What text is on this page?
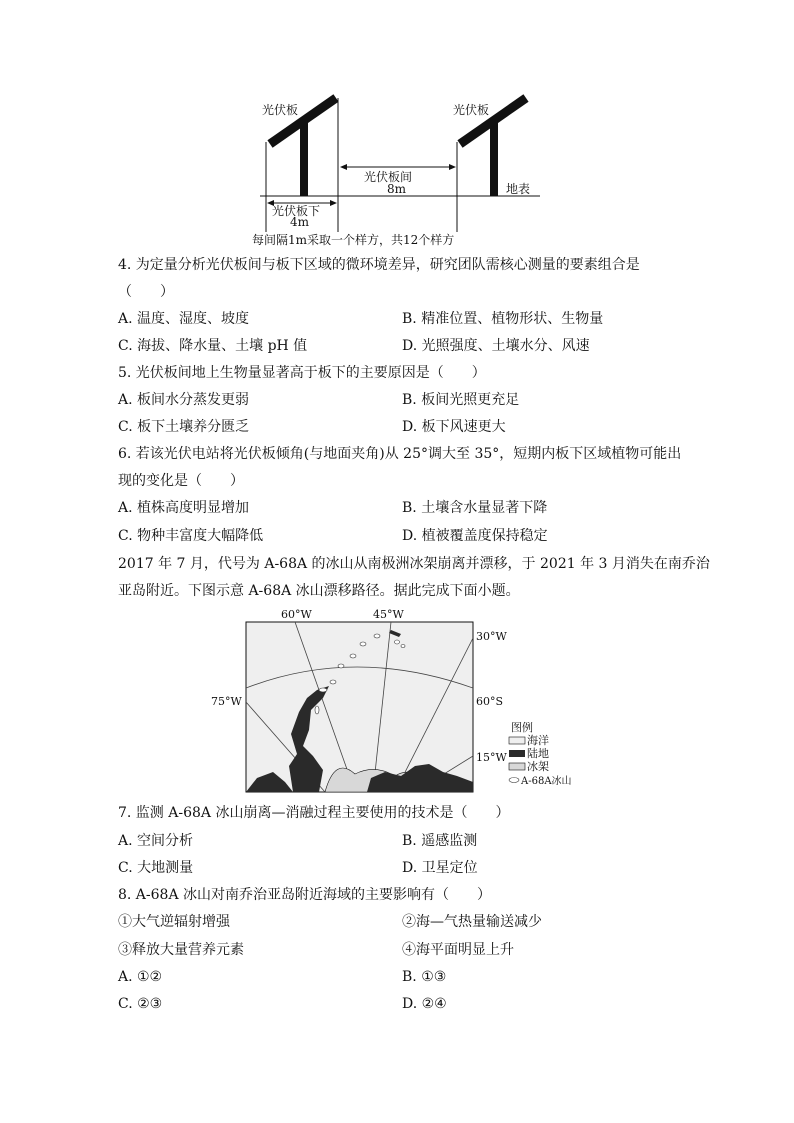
光伏板	光伏板
地表
光伏板间
8m
光伏板下
4m
每间隔1m采取一个样方，共12个样方
4. 为定量分析光伏板间与板下区域的微环境差异，研究团队需核心测量的要素组合是
（　　）
A. 温度、湿度、坡度	B. 精准位置、植物形状、生物量
C. 海拔、降水量、土壤 pH 值	D. 光照强度、土壤水分、风速
5. 光伏板间地上生物量显著高于板下的主要原因是（　　）
A. 板间水分蒸发更弱	B. 板间光照更充足
C. 板下土壤养分匮乏	D. 板下风速更大
6. 若该光伏电站将光伏板倾角(与地面夹角)从 25°调大至 35°，短期内板下区域植物可能出
现的变化是（　　）
A. 植株高度明显增加	B. 土壤含水量显著下降
C. 物种丰富度大幅降低	D. 植被覆盖度保持稳定
2017 年 7 月，代号为 A-68A 的冰山从南极洲冰架崩离并漂移，于 2021 年 3 月消失在南乔治
亚岛附近。下图示意 A-68A 冰山漂移路径。据此完成下面小题。
60°W	45°W
30°W
60°S
75°W
15°W
图例
海洋
陆地
冰架
A-68A冰山
7. 监测 A-68A 冰山崩离—消融过程主要使用的技术是（　　）
A. 空间分析	B. 遥感监测
C. 大地测量	D. 卫星定位
8. A-68A 冰山对南乔治亚岛附近海域的主要影响有（　　）
①大气逆辐射增强	②海—气热量输送减少
③释放大量营养元素	④海平面明显上升
A. ①②	B. ①③
C. ②③	D. ②④
